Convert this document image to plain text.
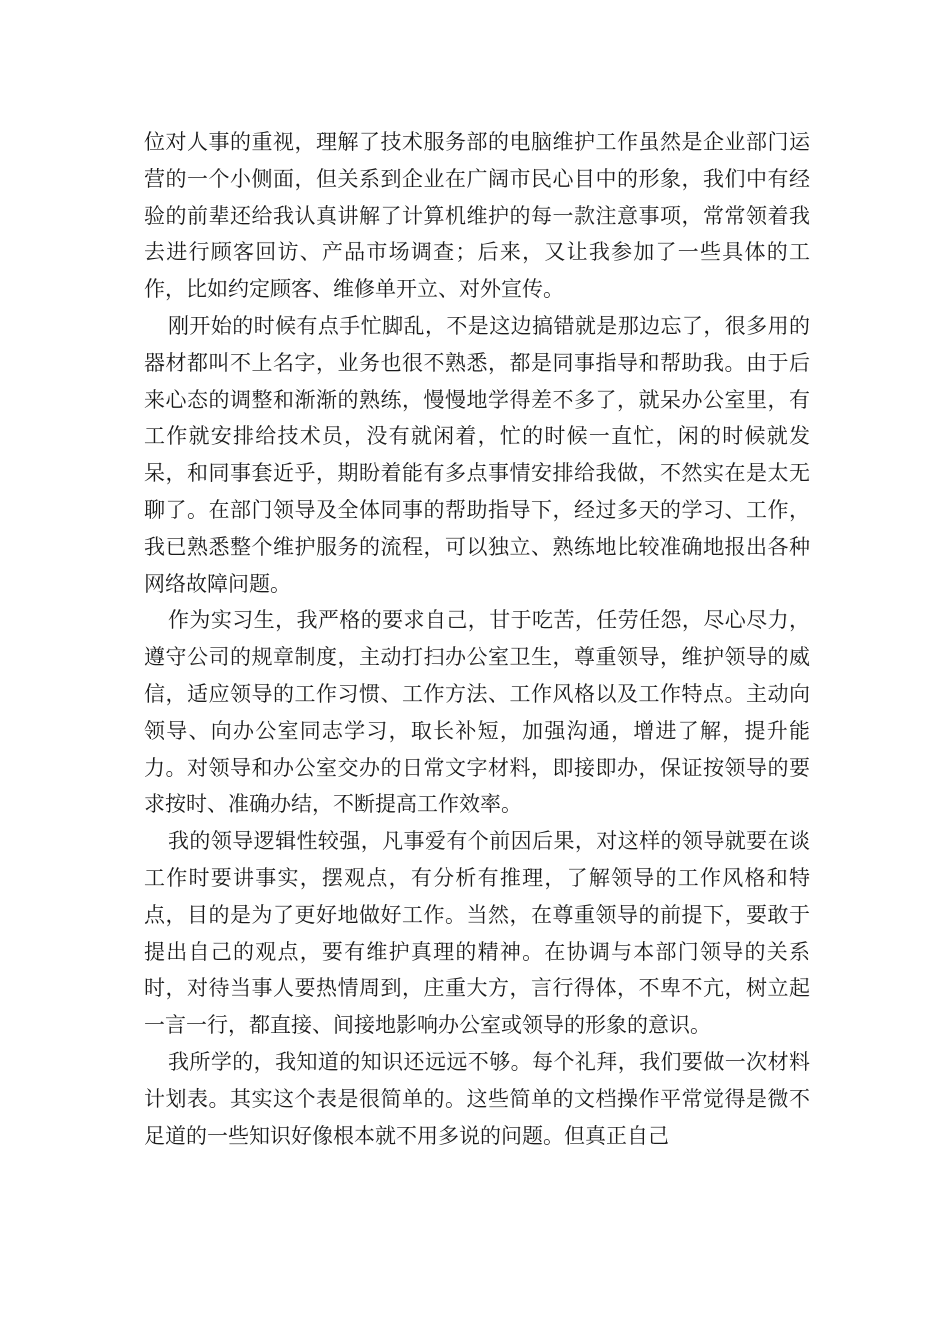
位对人事的重视，理解了技术服务部的电脑维护工作虽然是企业部门运营的一个小侧面，但关系到企业在广阔市民心目中的形象，我们中有经验的前辈还给我认真讲解了计算机维护的每一款注意事项，常常领着我去进行顾客回访、产品市场调查；后来，又让我参加了一些具体的工作，比如约定顾客、维修单开立、对外宣传。

刚开始的时候有点手忙脚乱，不是这边搞错就是那边忘了，很多用的器材都叫不上名字，业务也很不熟悉，都是同事指导和帮助我。由于后来心态的调整和渐渐的熟练，慢慢地学得差不多了，就呆办公室里，有工作就安排给技术员，没有就闲着，忙的时候一直忙，闲的时候就发呆，和同事套近乎，期盼着能有多点事情安排给我做，不然实在是太无聊了。在部门领导及全体同事的帮助指导下，经过多天的学习、工作，我已熟悉整个维护服务的流程，可以独立、熟练地比较准确地报出各种网络故障问题。

作为实习生，我严格的要求自己，甘于吃苦，任劳任怨，尽心尽力，遵守公司的规章制度，主动打扫办公室卫生，尊重领导，维护领导的威信，适应领导的工作习惯、工作方法、工作风格以及工作特点。主动向领导、向办公室同志学习，取长补短，加强沟通，增进了解，提升能力。对领导和办公室交办的日常文字材料，即接即办，保证按领导的要求按时、准确办结，不断提高工作效率。

我的领导逻辑性较强，凡事爱有个前因后果，对这样的领导就要在谈工作时要讲事实，摆观点，有分析有推理，了解领导的工作风格和特点，目的是为了更好地做好工作。当然，在尊重领导的前提下，要敢于提出自己的观点，要有维护真理的精神。在协调与本部门领导的关系时，对待当事人要热情周到，庄重大方，言行得体，不卑不亢，树立起一言一行，都直接、间接地影响办公室或领导的形象的意识。

我所学的，我知道的知识还远远不够。每个礼拜，我们要做一次材料计划表。其实这个表是很简单的。这些简单的文档操作平常觉得是微不足道的一些知识好像根本就不用多说的问题。但真正自己
